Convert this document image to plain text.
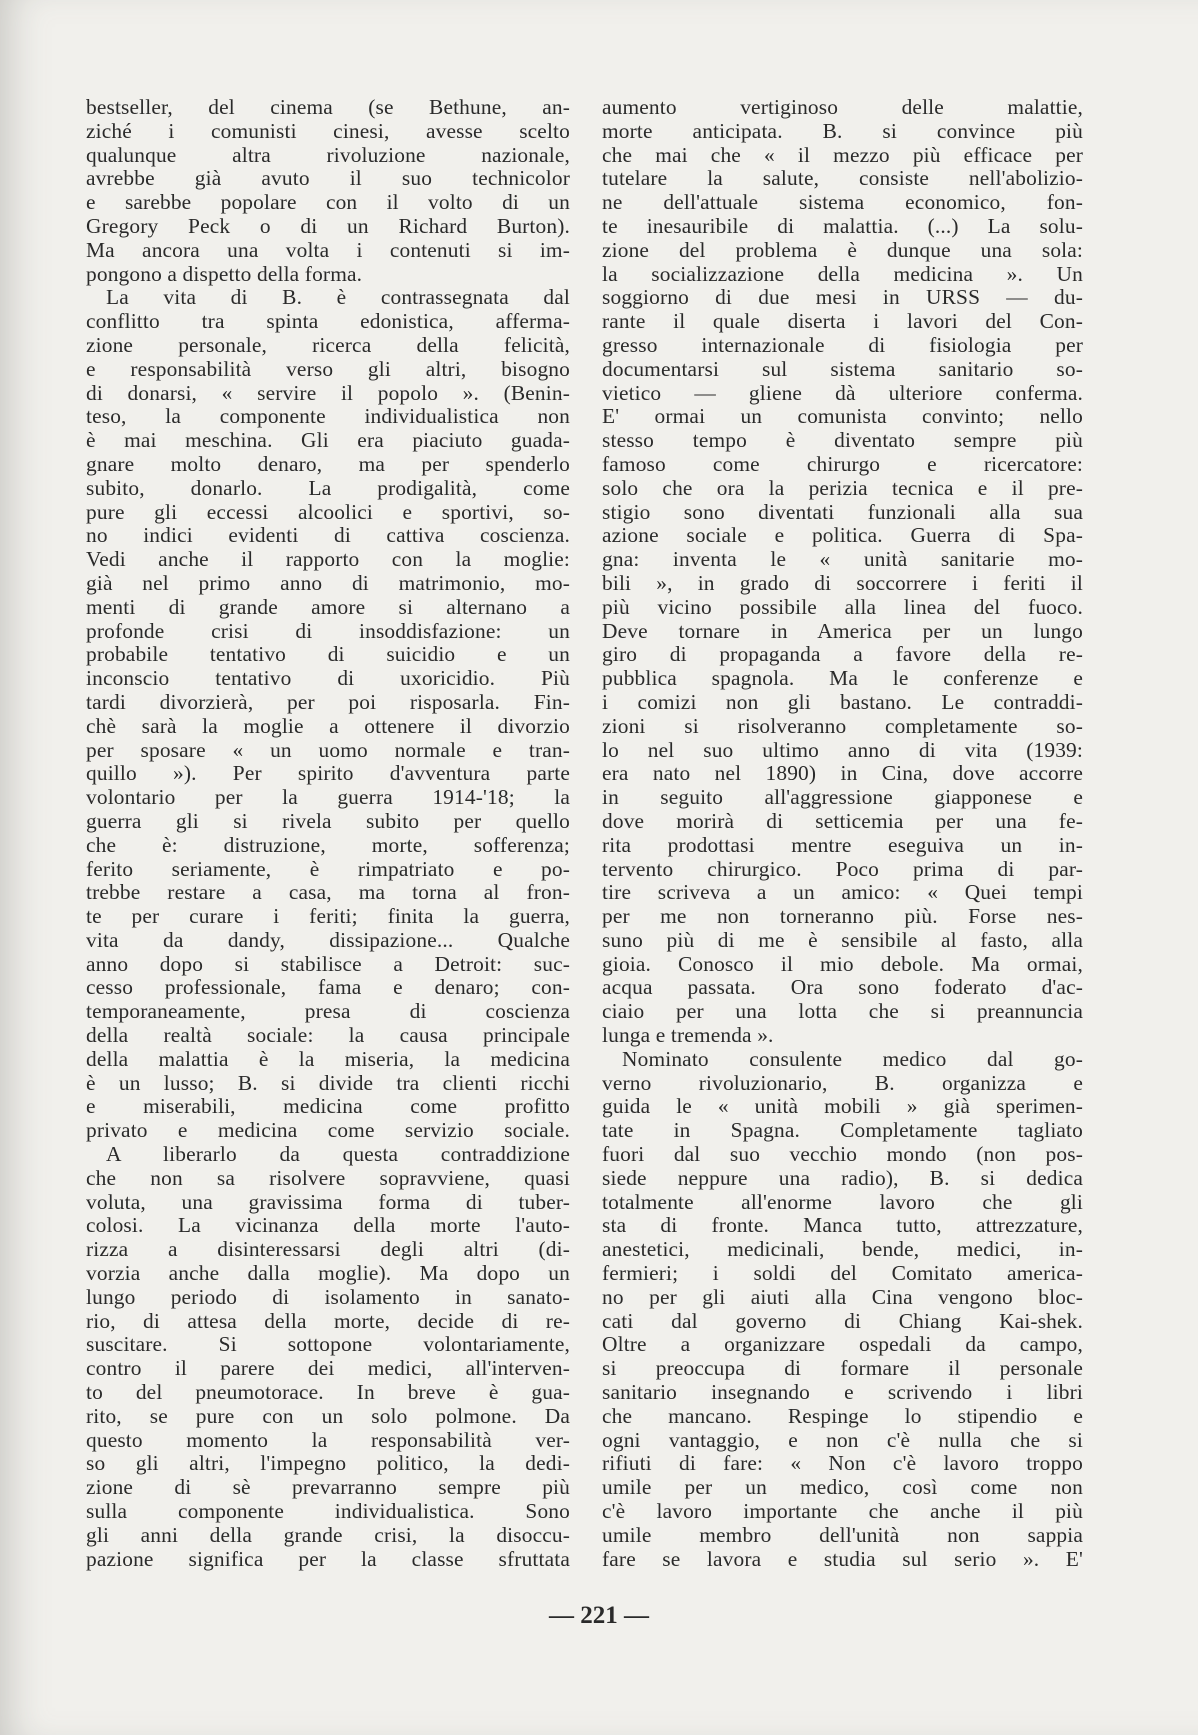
bestseller, del cinema (se Bethune, an-
ziché i comunisti cinesi, avesse scelto
qualunque altra rivoluzione nazionale,
avrebbe già avuto il suo technicolor
e sarebbe popolare con il volto di un
Gregory Peck o di un Richard Burton).
Ma ancora una volta i contenuti si im-
pongono a dispetto della forma.
La vita di B. è contrassegnata dal
conflitto tra spinta edonistica, afferma-
zione personale, ricerca della felicità,
e responsabilità verso gli altri, bisogno
di donarsi, « servire il popolo ». (Benin-
teso, la componente individualistica non
è mai meschina. Gli era piaciuto guada-
gnare molto denaro, ma per spenderlo
subito, donarlo. La prodigalità, come
pure gli eccessi alcoolici e sportivi, so-
no indici evidenti di cattiva coscienza.
Vedi anche il rapporto con la moglie:
già nel primo anno di matrimonio, mo-
menti di grande amore si alternano a
profonde crisi di insoddisfazione: un
probabile tentativo di suicidio e un
inconscio tentativo di uxoricidio. Più
tardi divorzierà, per poi risposarla. Fin-
chè sarà la moglie a ottenere il divorzio
per sposare « un uomo normale e tran-
quillo »). Per spirito d'avventura parte
volontario per la guerra 1914-'18; la
guerra gli si rivela subito per quello
che è: distruzione, morte, sofferenza;
ferito seriamente, è rimpatriato e po-
trebbe restare a casa, ma torna al fron-
te per curare i feriti; finita la guerra,
vita da dandy, dissipazione... Qualche
anno dopo si stabilisce a Detroit: suc-
cesso professionale, fama e denaro; con-
temporaneamente, presa di coscienza
della realtà sociale: la causa principale
della malattia è la miseria, la medicina
è un lusso; B. si divide tra clienti ricchi
e miserabili, medicina come profitto
privato e medicina come servizio sociale.
A liberarlo da questa contraddizione
che non sa risolvere sopravviene, quasi
voluta, una gravissima forma di tuber-
colosi. La vicinanza della morte l'auto-
rizza a disinteressarsi degli altri (di-
vorzia anche dalla moglie). Ma dopo un
lungo periodo di isolamento in sanato-
rio, di attesa della morte, decide di re-
suscitare. Si sottopone volontariamente,
contro il parere dei medici, all'interven-
to del pneumotorace. In breve è gua-
rito, se pure con un solo polmone. Da
questo momento la responsabilità ver-
so gli altri, l'impegno politico, la dedi-
zione di sè prevarranno sempre più
sulla componente individualistica. Sono
gli anni della grande crisi, la disoccu-
pazione significa per la classe sfruttata
aumento vertiginoso delle malattie,
morte anticipata. B. si convince più
che mai che « il mezzo più efficace per
tutelare la salute, consiste nell'abolizio-
ne dell'attuale sistema economico, fon-
te inesauribile di malattia. (...) La solu-
zione del problema è dunque una sola:
la socializzazione della medicina ». Un
soggiorno di due mesi in URSS — du-
rante il quale diserta i lavori del Con-
gresso internazionale di fisiologia per
documentarsi sul sistema sanitario so-
vietico — gliene dà ulteriore conferma.
E' ormai un comunista convinto; nello
stesso tempo è diventato sempre più
famoso come chirurgo e ricercatore:
solo che ora la perizia tecnica e il pre-
stigio sono diventati funzionali alla sua
azione sociale e politica. Guerra di Spa-
gna: inventa le « unità sanitarie mo-
bili », in grado di soccorrere i feriti il
più vicino possibile alla linea del fuoco.
Deve tornare in America per un lungo
giro di propaganda a favore della re-
pubblica spagnola. Ma le conferenze e
i comizi non gli bastano. Le contraddi-
zioni si risolveranno completamente so-
lo nel suo ultimo anno di vita (1939:
era nato nel 1890) in Cina, dove accorre
in seguito all'aggressione giapponese e
dove morirà di setticemia per una fe-
rita prodottasi mentre eseguiva un in-
tervento chirurgico. Poco prima di par-
tire scriveva a un amico: « Quei tempi
per me non torneranno più. Forse nes-
suno più di me è sensibile al fasto, alla
gioia. Conosco il mio debole. Ma ormai,
acqua passata. Ora sono foderato d'ac-
ciaio per una lotta che si preannuncia
lunga e tremenda ».
Nominato consulente medico dal go-
verno rivoluzionario, B. organizza e
guida le « unità mobili » già sperimen-
tate in Spagna. Completamente tagliato
fuori dal suo vecchio mondo (non pos-
siede neppure una radio), B. si dedica
totalmente all'enorme lavoro che gli
sta di fronte. Manca tutto, attrezzature,
anestetici, medicinali, bende, medici, in-
fermieri; i soldi del Comitato america-
no per gli aiuti alla Cina vengono bloc-
cati dal governo di Chiang Kai-shek.
Oltre a organizzare ospedali da campo,
si preoccupa di formare il personale
sanitario insegnando e scrivendo i libri
che mancano. Respinge lo stipendio e
ogni vantaggio, e non c'è nulla che si
rifiuti di fare: « Non c'è lavoro troppo
umile per un medico, così come non
c'è lavoro importante che anche il più
umile membro dell'unità non sappia
fare se lavora e studia sul serio ». E'
— 221 —
